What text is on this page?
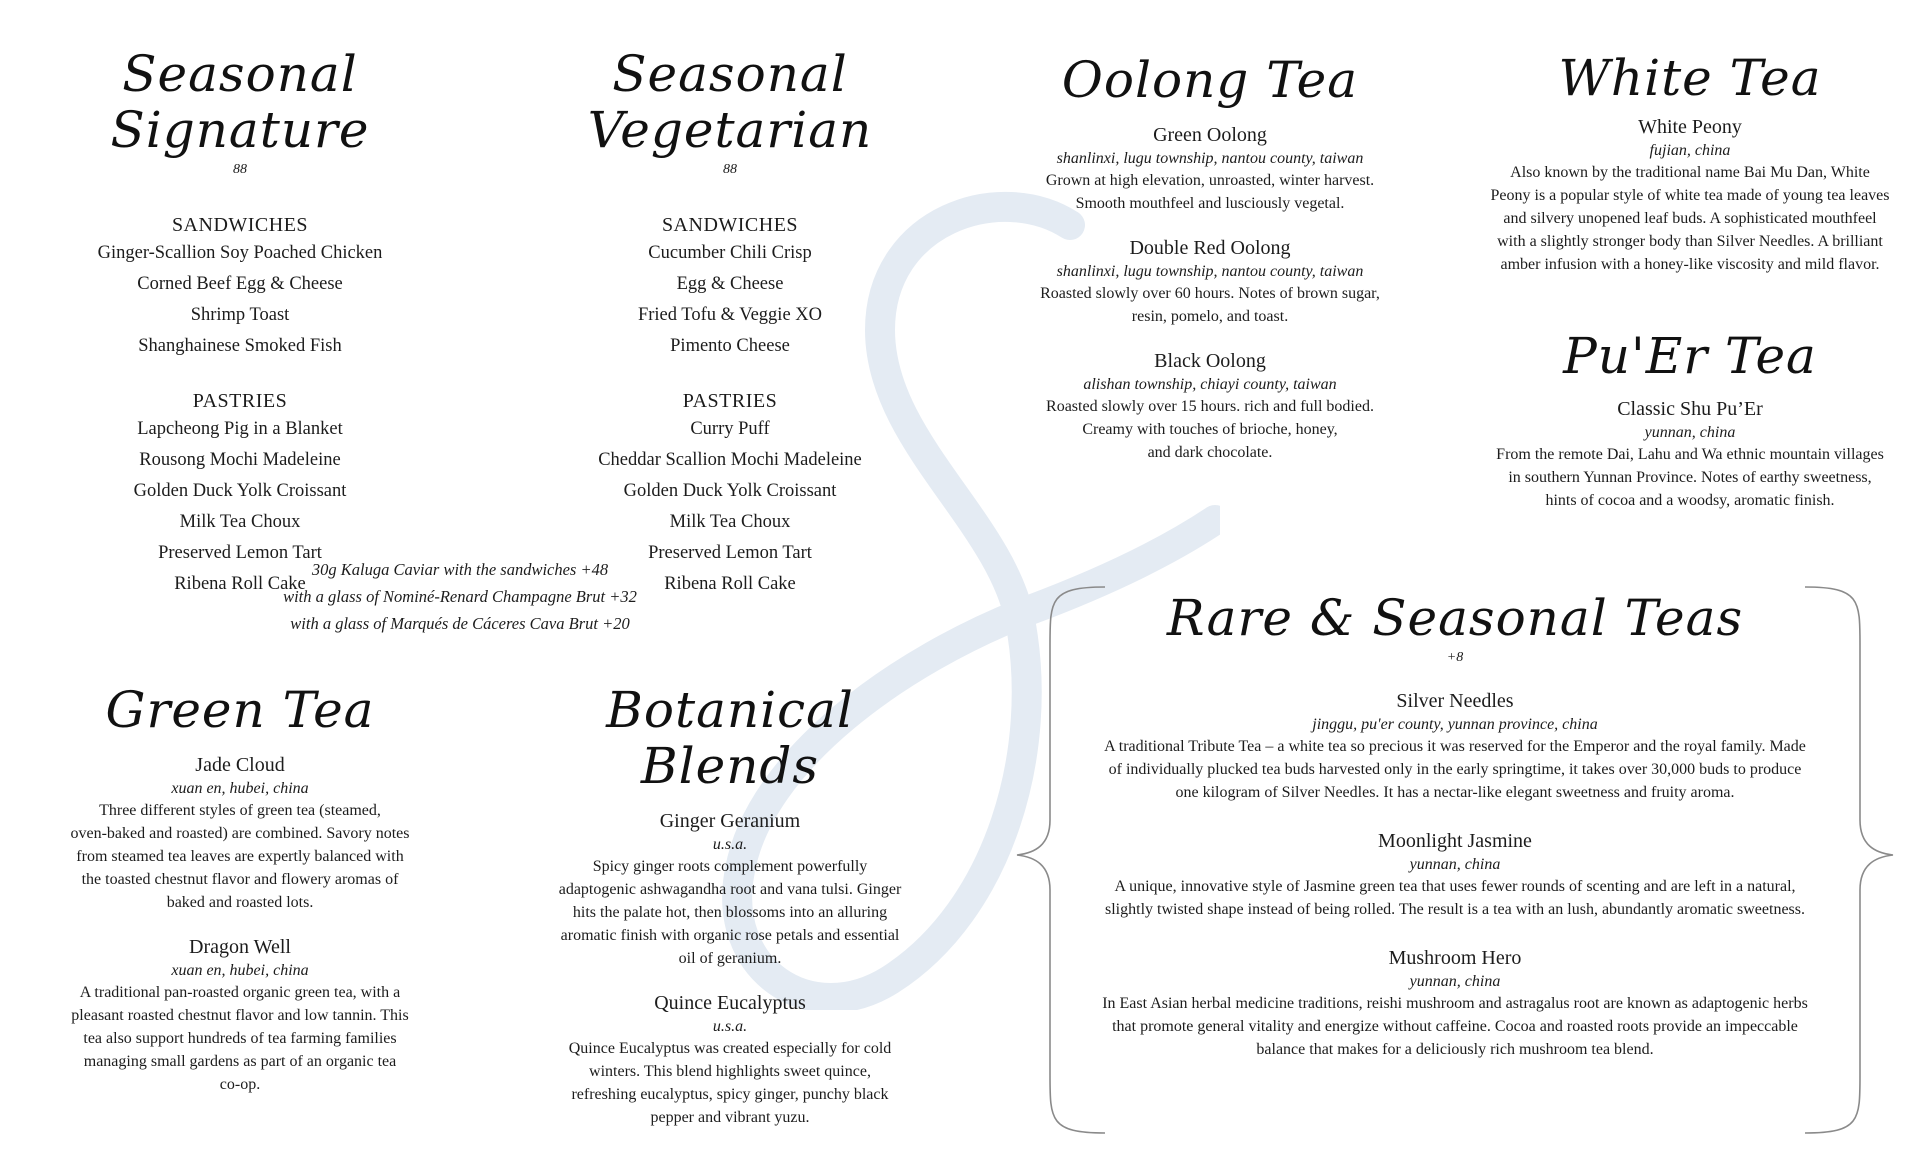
Seasonal Signature
88
SANDWICHES
Ginger-Scallion Soy Poached Chicken
Corned Beef Egg & Cheese
Shrimp Toast
Shanghainese Smoked Fish
PASTRIES
Lapcheong Pig in a Blanket
Rousong Mochi Madeleine
Golden Duck Yolk Croissant
Milk Tea Choux
Preserved Lemon Tart
Ribena Roll Cake
Seasonal Vegetarian
88
SANDWICHES
Cucumber Chili Crisp
Egg & Cheese
Fried Tofu & Veggie XO
Pimento Cheese
PASTRIES
Curry Puff
Cheddar Scallion Mochi Madeleine
Golden Duck Yolk Croissant
Milk Tea Choux
Preserved Lemon Tart
Ribena Roll Cake
30g Kaluga Caviar with the sandwiches +48
with a glass of Nominé-Renard Champagne Brut +32
with a glass of Marqués de Cáceres Cava Brut +20
Oolong Tea
Green Oolong
shanlinxi, lugu township, nantou county, taiwan
Grown at high elevation, unroasted, winter harvest.
Smooth mouthfeel and lusciously vegetal.
Double Red Oolong
shanlinxi, lugu township, nantou county, taiwan
Roasted slowly over 60 hours. Notes of brown sugar,
resin, pomelo, and toast.
Black Oolong
alishan township, chiayi county, taiwan
Roasted slowly over 15 hours. rich and full bodied.
Creamy with touches of brioche, honey,
and dark chocolate.
White Tea
White Peony
fujian, china
Also known by the traditional name Bai Mu Dan, White
Peony is a popular style of white tea made of young tea leaves
and silvery unopened leaf buds. A sophisticated mouthfeel
with a slightly stronger body than Silver Needles. A brilliant
amber infusion with a honey-like viscosity and mild flavor.
Pu'Er Tea
Classic Shu Pu’Er
yunnan, china
From the remote Dai, Lahu and Wa ethnic mountain villages
in southern Yunnan Province. Notes of earthy sweetness,
hints of cocoa and a woodsy, aromatic finish.
Green Tea
Jade Cloud
xuan en, hubei, china
Three different styles of green tea (steamed,
oven-baked and roasted) are combined. Savory notes
from steamed tea leaves are expertly balanced with
the toasted chestnut flavor and flowery aromas of
baked and roasted lots.
Dragon Well
xuan en, hubei, china
A traditional pan-roasted organic green tea, with a
pleasant roasted chestnut flavor and low tannin. This
tea also support hundreds of tea farming families
managing small gardens as part of an organic tea
co-op.
Botanical Blends
Ginger Geranium
u.s.a.
Spicy ginger roots complement powerfully
adaptogenic ashwagandha root and vana tulsi. Ginger
hits the palate hot, then blossoms into an alluring
aromatic finish with organic rose petals and essential
oil of geranium.
Quince Eucalyptus
u.s.a.
Quince Eucalyptus was created especially for cold
winters. This blend highlights sweet quince,
refreshing eucalyptus, spicy ginger, punchy black
pepper and vibrant yuzu.
Rare & Seasonal Teas
+8
Silver Needles
jinggu, pu'er county, yunnan province, china
A traditional Tribute Tea – a white tea so precious it was reserved for the Emperor and the royal family. Made
of individually plucked tea buds harvested only in the early springtime, it takes over 30,000 buds to produce
one kilogram of Silver Needles. It has a nectar-like elegant sweetness and fruity aroma.
Moonlight Jasmine
yunnan, china
A unique, innovative style of Jasmine green tea that uses fewer rounds of scenting and are left in a natural,
slightly twisted shape instead of being rolled. The result is a tea with an lush, abundantly aromatic sweetness.
Mushroom Hero
yunnan, china
In East Asian herbal medicine traditions, reishi mushroom and astragalus root are known as adaptogenic herbs
that promote general vitality and energize without caffeine. Cocoa and roasted roots provide an impeccable
balance that makes for a deliciously rich mushroom tea blend.
